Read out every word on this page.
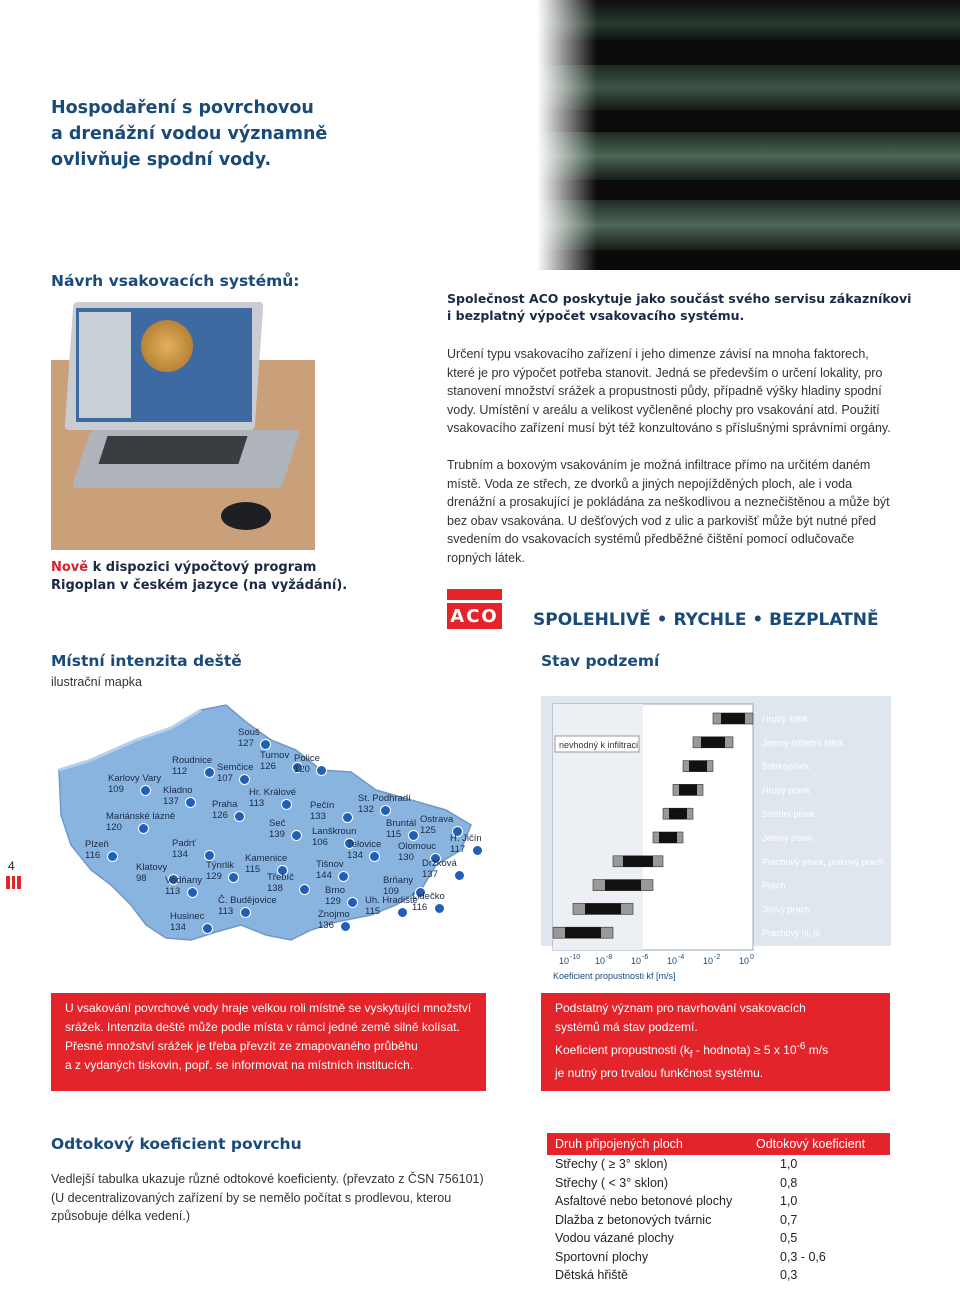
Hospodaření s povrchovou
a drenážní vodou významně
ovlivňuje spodní vody.
Návrh vsakovacích systémů:
Nově k dispozici výpočtový program
Rigoplan v českém jazyce (na vyžádání).
Společnost ACO poskytuje jako součást svého servisu zákazníkovi
i bezplatný výpočet vsakovacího systému.
Určení typu vsakovacího zařízení i jeho dimenze závisí na mnoha faktorech,
které je pro výpočet potřeba stanovit. Jedná se především o určení lokality, pro
stanovení množství srážek a propustnosti půdy, případně výšky hladiny spodní
vody. Umístění v areálu a velikost vyčleněné plochy pro vsakování atd. Použití
vsakovacího zařízení musí být též konzultováno s příslušnými správními orgány.
Trubním a boxovým vsakováním je možná infiltrace přímo na určitém daném
místě. Voda ze střech, ze dvorků a jiných nepojížděných ploch, ale i voda
drenážní a prosakující je pokládána za neškodlivou a neznečištěnou a může být
bez obav vsakována. U dešťových vod z ulic a parkovišť může být nutné před
svedením do vsakovacích systémů předběžné čištění pomocí odlučovače
ropných látek.
ACO SPOLEHLIVĚ • RYCHLE • BEZPLATNĚ
Místní intenzita deště
ilustrační mapka
Souš
127
Turnov
126
Police
120
Roudnice
112	Semčice
107
Karlovy Vary
109	Kladno
137
Hr. Králové
113
Praha
126
Pečín
133
St. Podhradí
132
Mariánské lázně
120	Seč
139	Lanškroun
106
Bruntál
115
Ostrava
125
Plzeň
116
Padrť
134
Telovice
134
Olomouc
130
H. Jičín
117
Klatovy
98
Týnrlik
129
Kamenice
115	Tišnov
144
Držková
137
Vodňany
113
Třebíč
138	Brno
129
Brňany
109
Č. Budějovice
113
Uh. Hradiště
115
Lidečko
116
Husinec
134
Znojmo
136
4
Stav podzemí
nevhodný k infiltraci
Hrubý štěrk
Jemný-/střední štěrk
Štěrkopísek
Hrubý písek
Střední písek
Jemný písek
Prachový písek, pískový prach
Prach
Jílový prach
Prachový jíl, jíl
10 -10 10 -8 10 -6 10 -4 10 -2 10 0
Koeficient propustnosti kf [m/s]
U vsakování povrchové vody hraje velkou roli místně se vyskytující množství
srážek. Intenzita deště může podle místa v rámci jedné země silně kolísat.
Přesné množství srážek je třeba převzít ze zmapovaného průběhu
a z vydaných tiskovin, popř. se informovat na místních institucích.
Podstatný význam pro navrhování vsakovacích
systémů má stav podzemí.
Koeficient propustnosti ($k_f$ - hodnota) ≥ 5 x $10^{-6}$ m/s
je nutný pro trvalou funkčnost systému.
Odtokový koeficient povrchu
Vedlejší tabulka ukazuje různé odtokové koeficienty. (převzato z ČSN 756101)
(U decentralizovaných zařízení by se nemělo počítat s prodlevou, kterou
způsobuje délka vedení.)
Druh připojených ploch	Odtokový koeficient
Střechy ( ≥ 3° sklon)	1,0
Střechy ( < 3° sklon)	0,8
Asfaltové nebo betonové plochy	1,0
Dlažba z betonových tvárnic	0,7
Vodou vázané plochy	0,5
Sportovní plochy	0,3 - 0,6
Dětská hřiště	0,3
